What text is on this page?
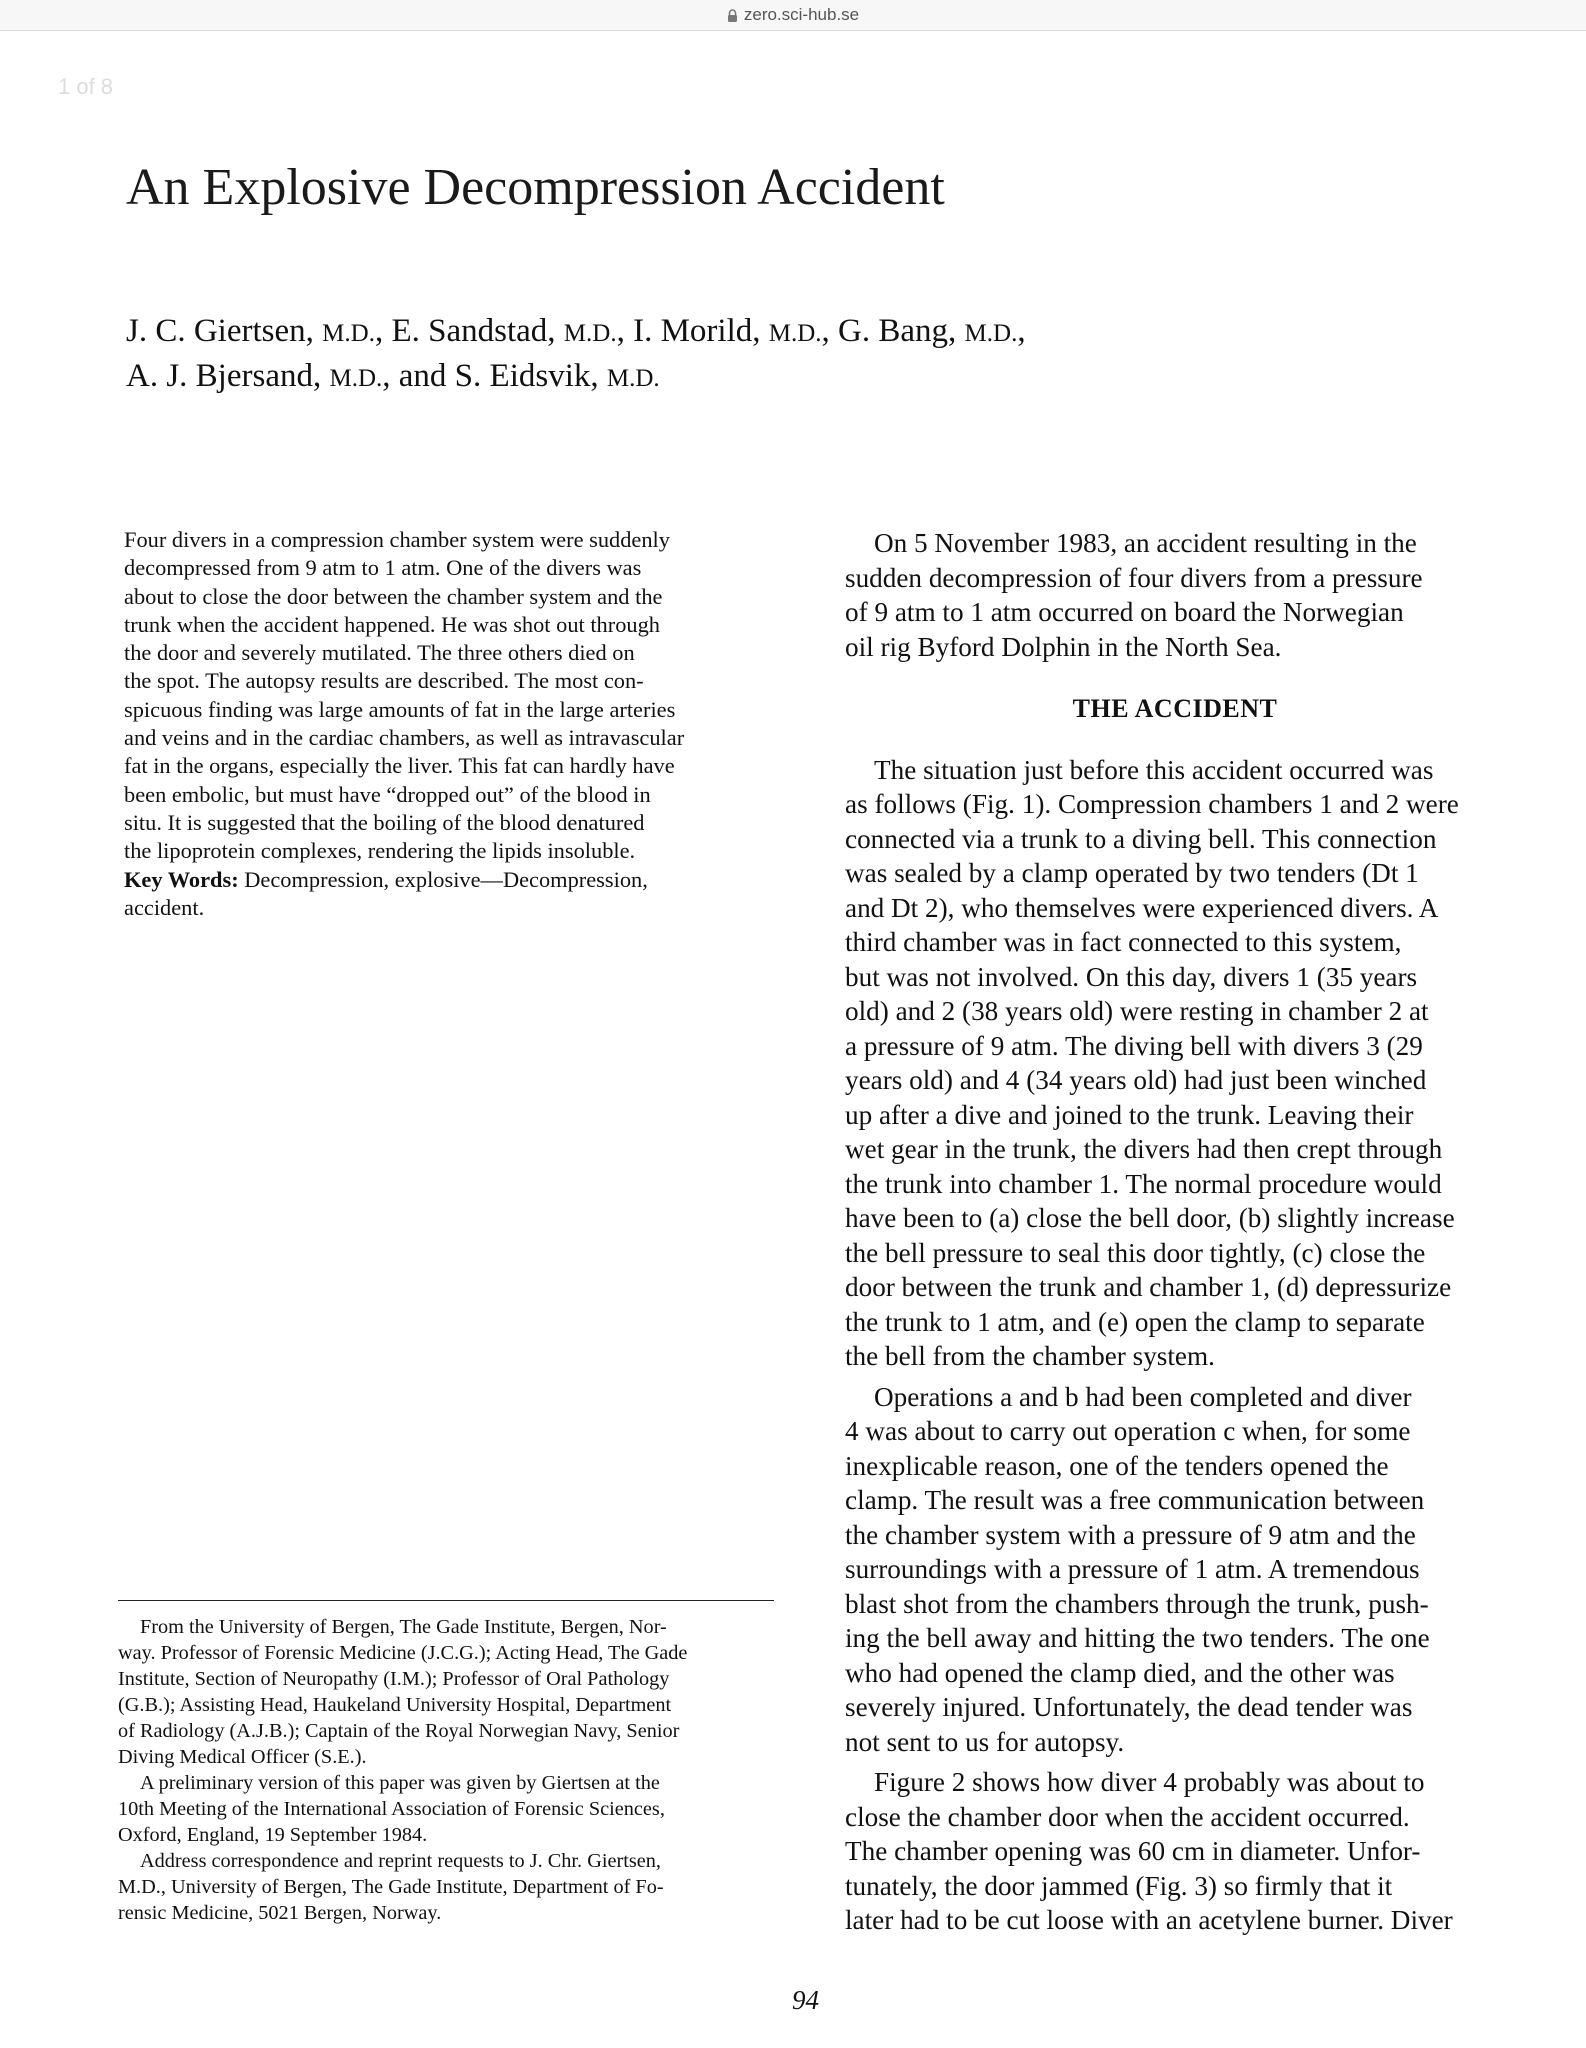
zero.sci-hub.se
1 of 8
An Explosive Decompression Accident
J. C. Giertsen, M.D., E. Sandstad, M.D., I. Morild, M.D., G. Bang, M.D.,
A. J. Bjersand, M.D., and S. Eidsvik, M.D.
Four divers in a compression chamber system were suddenly
decompressed from 9 atm to 1 atm. One of the divers was
about to close the door between the chamber system and the
trunk when the accident happened. He was shot out through
the door and severely mutilated. The three others died on
the spot. The autopsy results are described. The most con-
spicuous finding was large amounts of fat in the large arteries
and veins and in the cardiac chambers, as well as intravascular
fat in the organs, especially the liver. This fat can hardly have
been embolic, but must have “dropped out” of the blood in
situ. It is suggested that the boiling of the blood denatured
the lipoprotein complexes, rendering the lipids insoluble.
Key Words: Decompression, explosive—Decompression,
accident.
From the University of Bergen, The Gade Institute, Bergen, Nor-
way. Professor of Forensic Medicine (J.C.G.); Acting Head, The Gade
Institute, Section of Neuropathy (I.M.); Professor of Oral Pathology
(G.B.); Assisting Head, Haukeland University Hospital, Department
of Radiology (A.J.B.); Captain of the Royal Norwegian Navy, Senior
Diving Medical Officer (S.E.).
A preliminary version of this paper was given by Giertsen at the
10th Meeting of the International Association of Forensic Sciences,
Oxford, England, 19 September 1984.
Address correspondence and reprint requests to J. Chr. Giertsen,
M.D., University of Bergen, The Gade Institute, Department of Fo-
rensic Medicine, 5021 Bergen, Norway.
On 5 November 1983, an accident resulting in the
sudden decompression of four divers from a pressure
of 9 atm to 1 atm occurred on board the Norwegian
oil rig Byford Dolphin in the North Sea.
THE ACCIDENT
The situation just before this accident occurred was
as follows (Fig. 1). Compression chambers 1 and 2 were
connected via a trunk to a diving bell. This connection
was sealed by a clamp operated by two tenders (Dt 1
and Dt 2), who themselves were experienced divers. A
third chamber was in fact connected to this system,
but was not involved. On this day, divers 1 (35 years
old) and 2 (38 years old) were resting in chamber 2 at
a pressure of 9 atm. The diving bell with divers 3 (29
years old) and 4 (34 years old) had just been winched
up after a dive and joined to the trunk. Leaving their
wet gear in the trunk, the divers had then crept through
the trunk into chamber 1. The normal procedure would
have been to (a) close the bell door, (b) slightly increase
the bell pressure to seal this door tightly, (c) close the
door between the trunk and chamber 1, (d) depressurize
the trunk to 1 atm, and (e) open the clamp to separate
the bell from the chamber system.
Operations a and b had been completed and diver
4 was about to carry out operation c when, for some
inexplicable reason, one of the tenders opened the
clamp. The result was a free communication between
the chamber system with a pressure of 9 atm and the
surroundings with a pressure of 1 atm. A tremendous
blast shot from the chambers through the trunk, push-
ing the bell away and hitting the two tenders. The one
who had opened the clamp died, and the other was
severely injured. Unfortunately, the dead tender was
not sent to us for autopsy.
Figure 2 shows how diver 4 probably was about to
close the chamber door when the accident occurred.
The chamber opening was 60 cm in diameter. Unfor-
tunately, the door jammed (Fig. 3) so firmly that it
later had to be cut loose with an acetylene burner. Diver
94
